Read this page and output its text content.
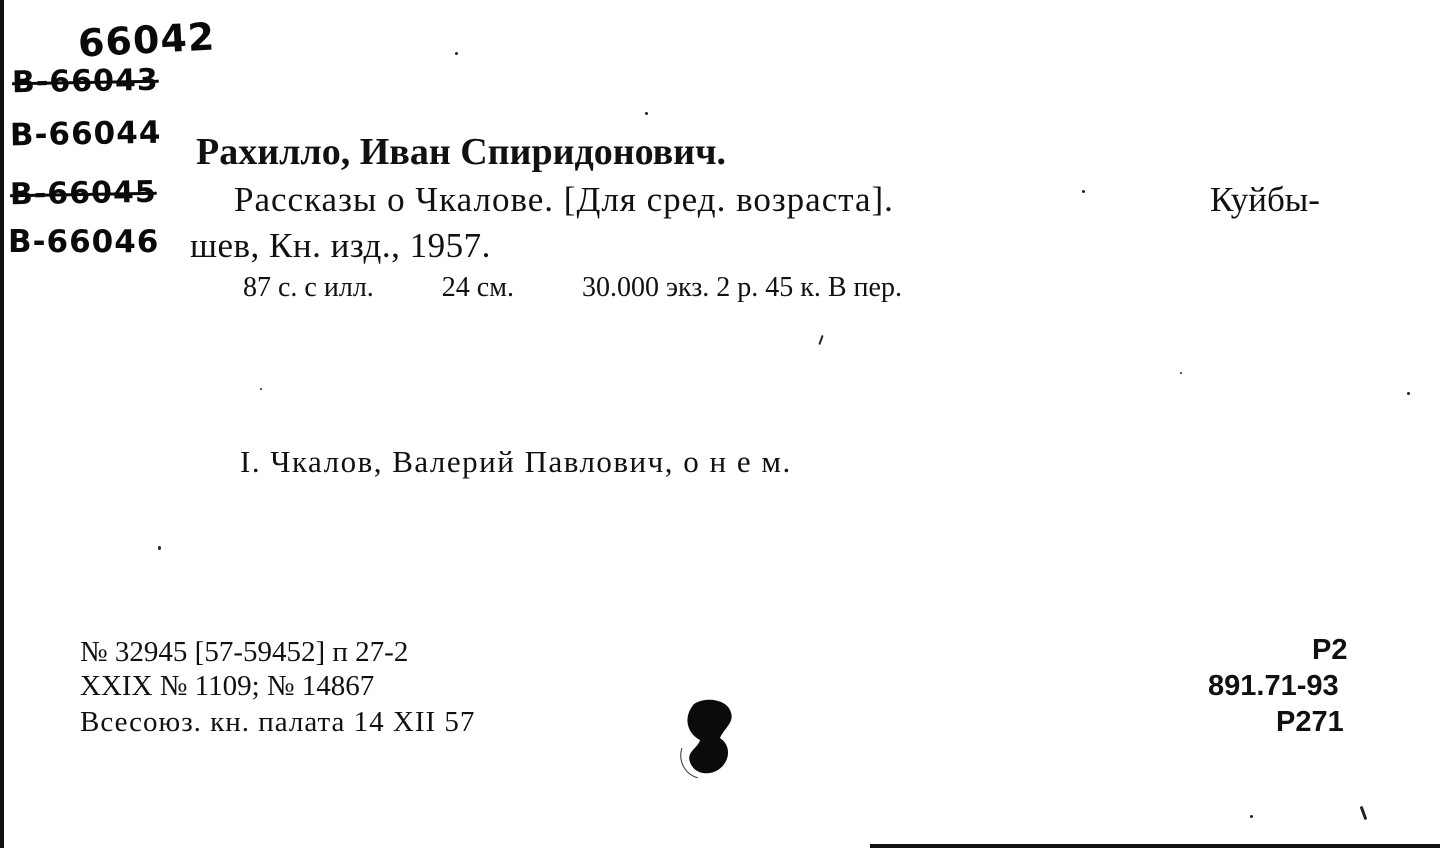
66042
B-66043
B-66044
B-66045
B-66046
Рахилло, Иван Спиридонович.
Рассказы о Чкалове. [Для сред. возраста].	Куйбы-
шев, Кн. изд., 1957.
87 с. с илл. 24 см. 30.000 экз. 2 р. 45 к. В пер.
I. Чкалов, Валерий Павлович, о н е м.
№ 32945 [57-59452] п 27-2
XXIX № 1109; № 14867
Всесоюз. кн. палата 14 XII 57
Р2
891.71-93
Р271
